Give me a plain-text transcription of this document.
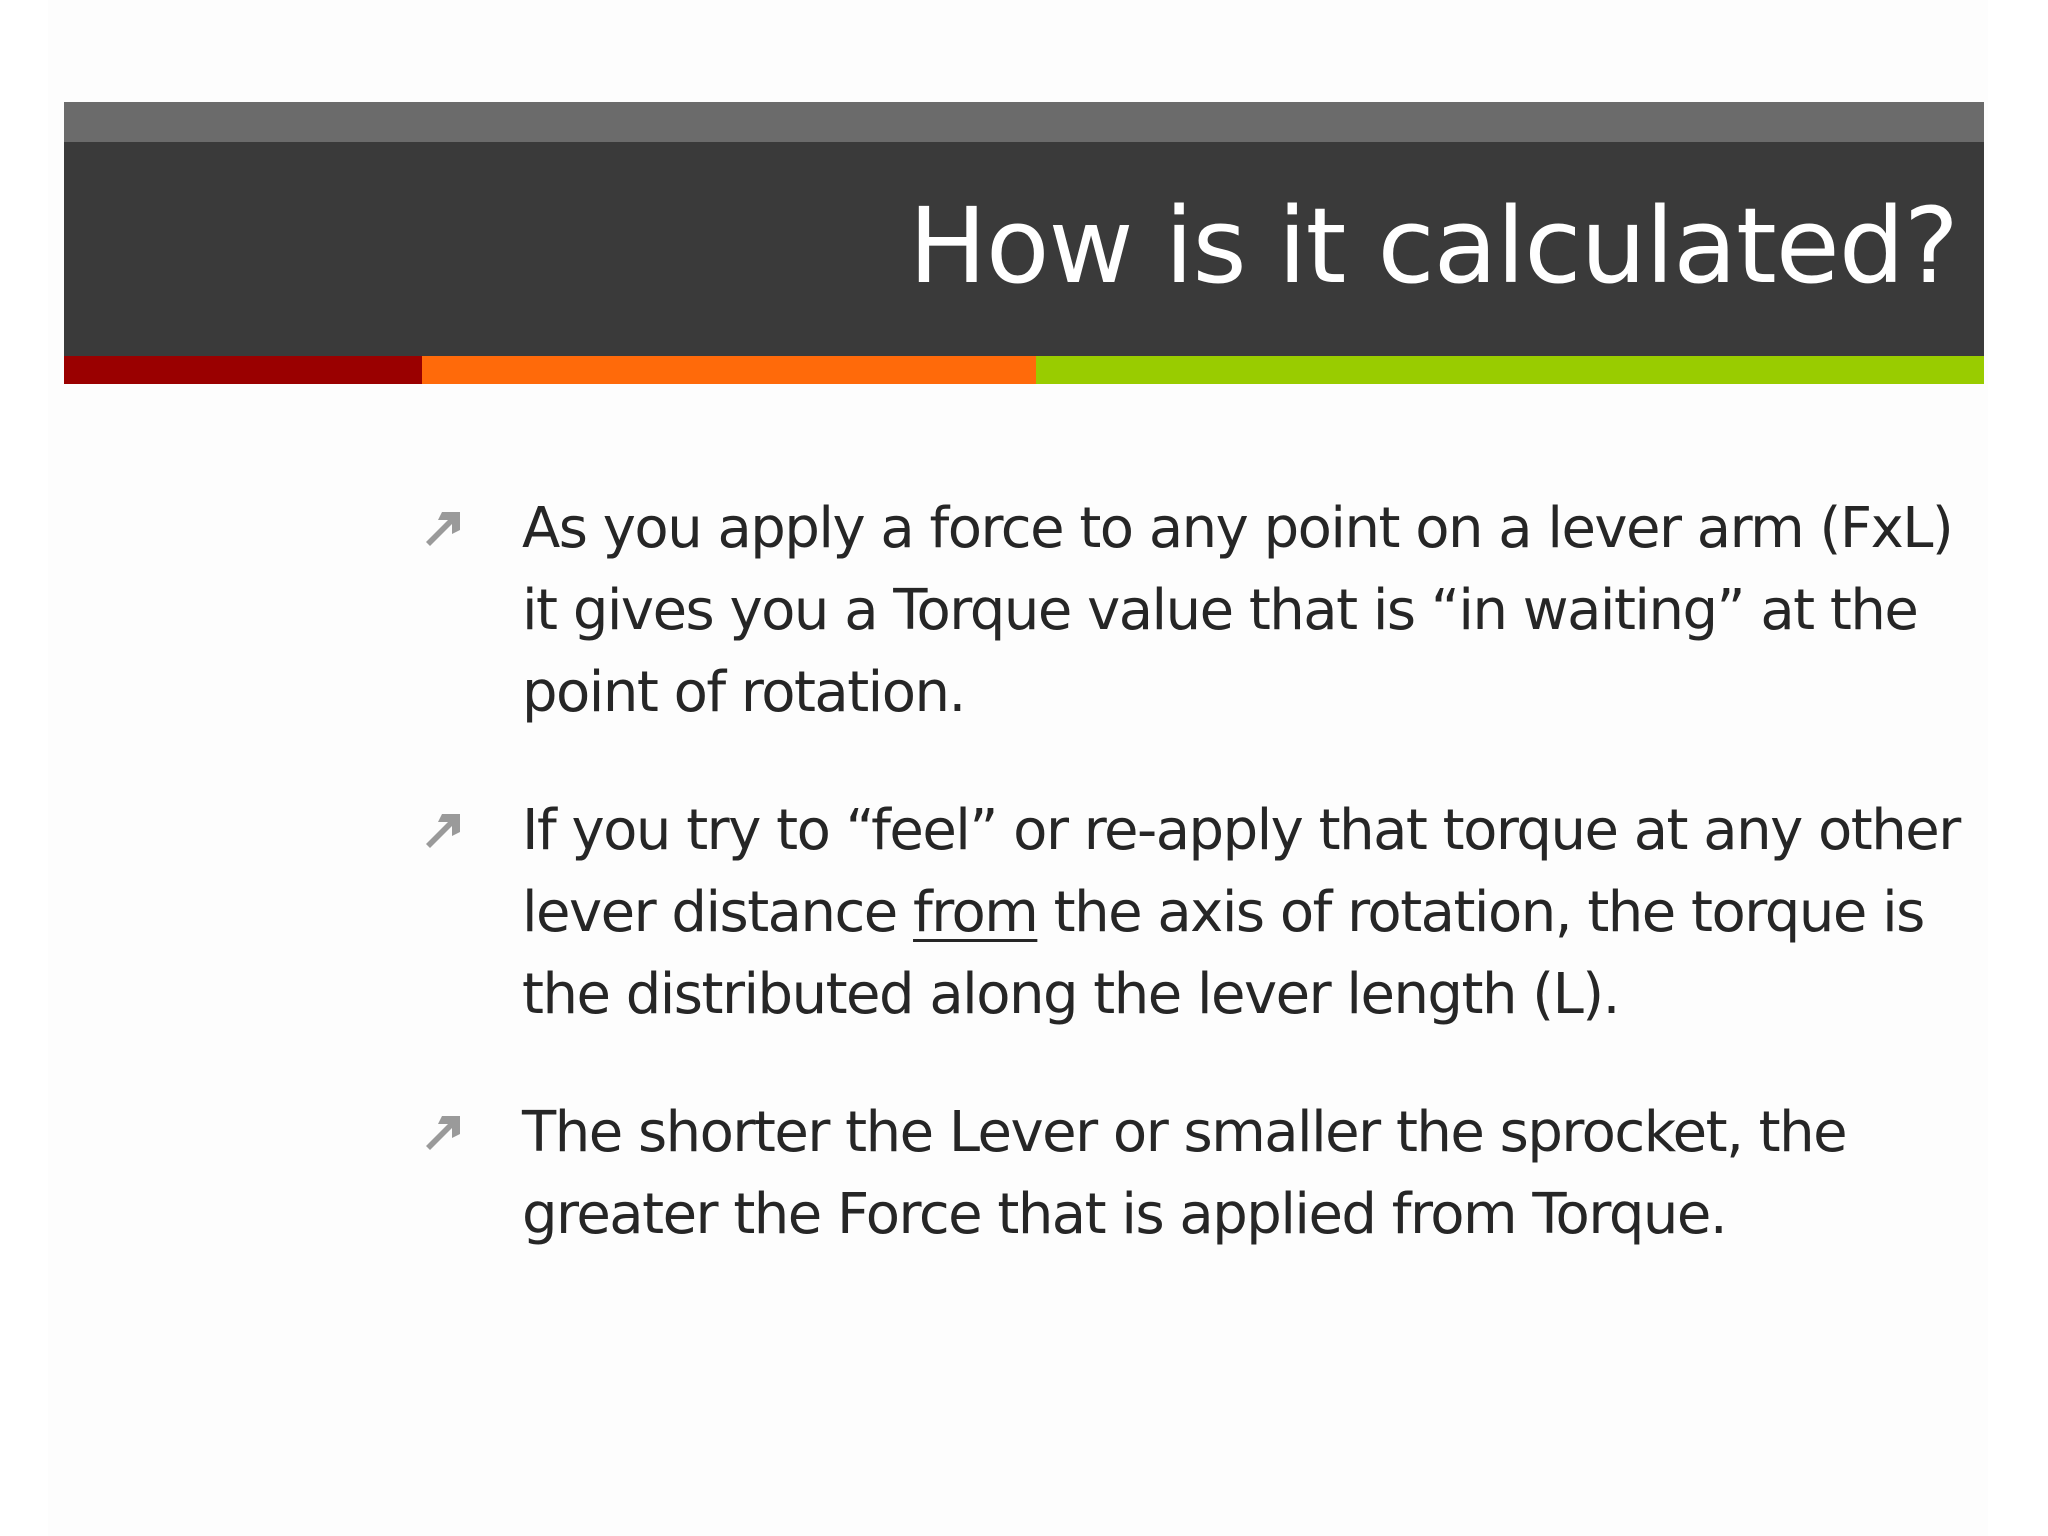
How is it calculated?

As you apply a force to any point on a lever arm (FxL) it gives you a Torque value that is “in waiting” at the point of rotation.

If you try to “feel” or re-apply that torque at any other lever distance from the axis of rotation, the torque is the distributed along the lever length (L).

The shorter the Lever or smaller the sprocket, the greater the Force that is applied from Torque.
